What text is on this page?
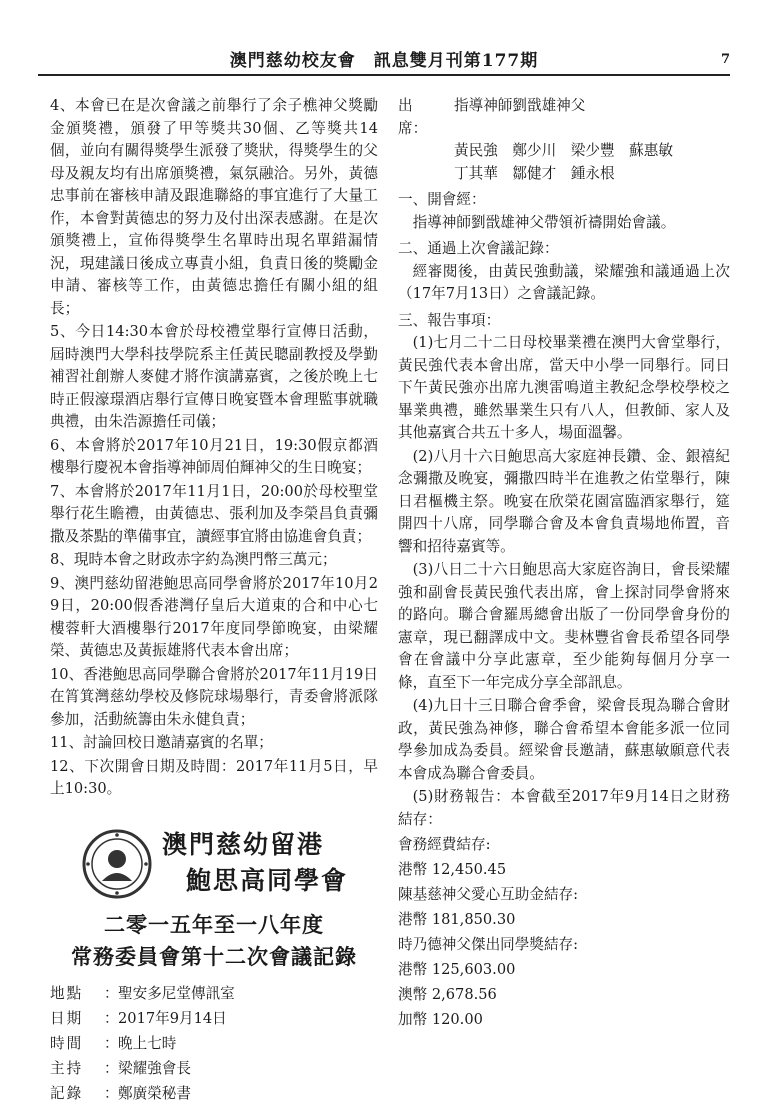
澳門慈幼校友會　訊息雙月刊第177期	7

4、本會已在是次會議之前舉行了余子樵神父獎勵金頒獎禮，頒發了甲等獎共30個、乙等獎共14個，並向有關得獎學生派發了獎狀，得獎學生的父母及親友均有出席頒獎禮，氣氛融洽。另外，黃德忠事前在審核申請及跟進聯絡的事宜進行了大量工作，本會對黃德忠的努力及付出深表感謝。在是次頒獎禮上，宣佈得獎學生名單時出現名單錯漏情況，現建議日後成立專責小組，負責日後的獎勵金申請、審核等工作，由黃德忠擔任有關小組的組長；

5、今日14:30本會於母校禮堂舉行宣傳日活動，屆時澳門大學科技學院系主任黃民聰副教授及學勤補習社創辦人麥健才將作演講嘉賓，之後於晚上七時正假濠璟酒店舉行宣傳日晚宴暨本會理監事就職典禮，由朱浩源擔任司儀；

6、本會將於2017年10月21日，19:30假京都酒樓舉行慶祝本會指導神師周伯輝神父的生日晚宴；

7、本會將於2017年11月1日，20:00於母校聖堂舉行花生瞻禮，由黃德忠、張利加及李榮昌負責彌撒及茶點的準備事宜，讀經事宜將由協進會負責；

8、現時本會之財政赤字約為澳門幣三萬元；

9、澳門慈幼留港鮑思高同學會將於2017年10月29日，20:00假香港灣仔皇后大道東的合和中心七樓蓉軒大酒樓舉行2017年度同學節晚宴，由梁耀榮、黃德忠及黃振雄將代表本會出席；

10、香港鮑思高同學聯合會將於2017年11月19日在筲箕灣慈幼學校及修院球場舉行，青委會將派隊參加，活動統籌由朱永健負責；

11、討論回校日邀請嘉賓的名單；

12、下次開會日期及時間：2017年11月5日，早上10:30。

澳門慈幼留港
鮑思高同學會
二零一五年至一八年度
常務委員會第十二次會議記錄
地點	： 聖安多尼堂傳訊室
日期	： 2017年9月14日
時間	： 晚上七時
主持	： 梁耀強會長
記錄	： 鄭廣榮秘書
出　席：
指導神師劉戩雄神父
黃民強　鄭少川　梁少豐　蘇惠敏
丁其華　鄒健才　鍾永根
一、開會經：

指導神師劉戩雄神父帶領祈禱開始會議。

二、通過上次會議記錄：

經審閱後，由黃民強動議，梁耀強和議通過上次（17年7月13日）之會議記錄。

三、報告事項：

(1)七月二十二日母校畢業禮在澳門大會堂舉行，黃民強代表本會出席，當天中小學一同舉行。同日下午黃民強亦出席九澳雷鳴道主教紀念學校學校之畢業典禮，雖然畢業生只有八人，但教師、家人及其他嘉賓合共五十多人，場面溫馨。

(2)八月十六日鮑思高大家庭神長鑽、金、銀禧紀念彌撒及晚宴，彌撒四時半在進教之佑堂舉行，陳日君樞機主祭。晚宴在欣榮花園富臨酒家舉行，筵開四十八席，同學聯合會及本會負責場地佈置，音響和招待嘉賓等。

(3)八日二十六日鮑思高大家庭咨詢日，會長梁耀強和副會長黃民強代表出席，會上探討同學會將來的路向。聯合會羅馬總會出版了一份同學會身份的憲章，現已翻譯成中文。斐林豐省會長希望各同學會在會議中分享此憲章，至少能夠每個月分享一條，直至下一年完成分享全部訊息。

(4)九日十三日聯合會季會，梁會長現為聯合會財政，黃民強為神修，聯合會希望本會能多派一位同學參加成為委員。經梁會長邀請，蘇惠敏願意代表本會成為聯合會委員。

(5)財務報告：本會截至2017年9月14日之財務結存：

會務經費結存:
港幣 12,450.45
陳基慈神父愛心互助金結存:
港幣 181,850.30
時乃德神父傑出同學獎結存:
港幣 125,603.00
澳幣 2,678.56
加幣 120.00
